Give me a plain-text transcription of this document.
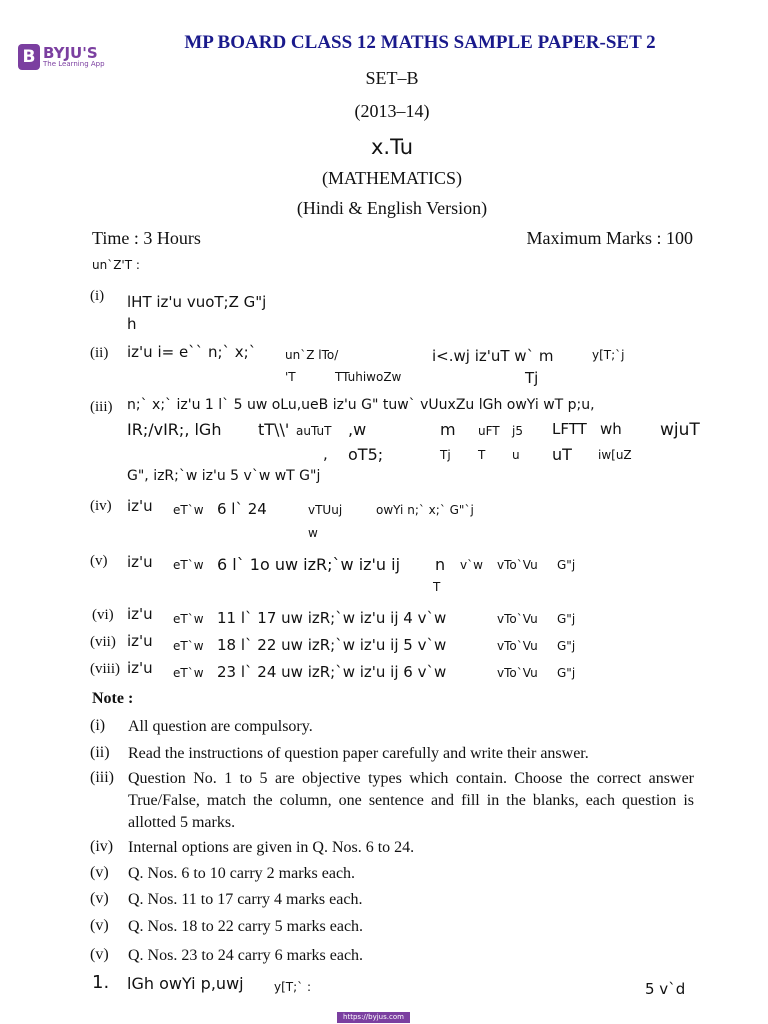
B BYJU'S
The Learning App
MP BOARD CLASS 12 MATHS SAMPLE PAPER-SET 2
SET–B
(2013–14)
x.Tu
(MATHEMATICS)
(Hindi & English Version)
Time : 3 Hours	Maximum Marks : 100
un`Z'T :
(i) lHT iz'u vuoT;Z G"j
h
(ii) iz'u i= e`` n;` x;` un`Z lTo/	i<.wj iz'uT w` m	y[T;`j
'T	TTuhiwoZw	Tj
(iii) n;` x;` iz'u 1 l` 5 uw oLu,ueB iz'u G" tuw` vUuxZu lGh owYi wT p;u,
IR;/vIR;, lGh tT\\' auTuT ,w	m uFT j5 LFTT wh wjuT
, oT5;	Tj T u uT iw[uZ
G", izR;`w iz'u 5 v`w wT G"j
(iv) iz'u eT`w 6 l` 24	vTUuj	owYi n;` x;` G"`j
w
(v) iz'u eT`w 6 l` 1o uw izR;`w iz'u ij n v`w vTo`Vu G"j
T
(vi) iz'u eT`w 11 l` 17 uw izR;`w iz'u ij 4 v`w	vTo`Vu G"j
(vii) iz'u eT`w 18 l` 22 uw izR;`w iz'u ij 5 v`w	vTo`Vu G"j
(viii) iz'u eT`w 23 l` 24 uw izR;`w iz'u ij 6 v`w	vTo`Vu G"j
Note :
(i) All question are compulsory.
(ii) Read the instructions of question paper carefully and write their answer.
(iii) Question No. 1 to 5 are objective types which contain. Choose the correct answer True/False, match the column, one sentence and fill in the blanks, each question is allotted 5 marks.
(iv) Internal options are given in Q. Nos. 6 to 24.
(v) Q. Nos. 6 to 10 carry 2 marks each.
(v) Q. Nos. 11 to 17 carry 4 marks each.
(v) Q. Nos. 18 to 22 carry 5 marks each.
(v) Q. Nos. 23 to 24 carry 6 marks each.
1. lGh owYi p,uwj	y[T;` :	5 v`d
https://byjus.com
